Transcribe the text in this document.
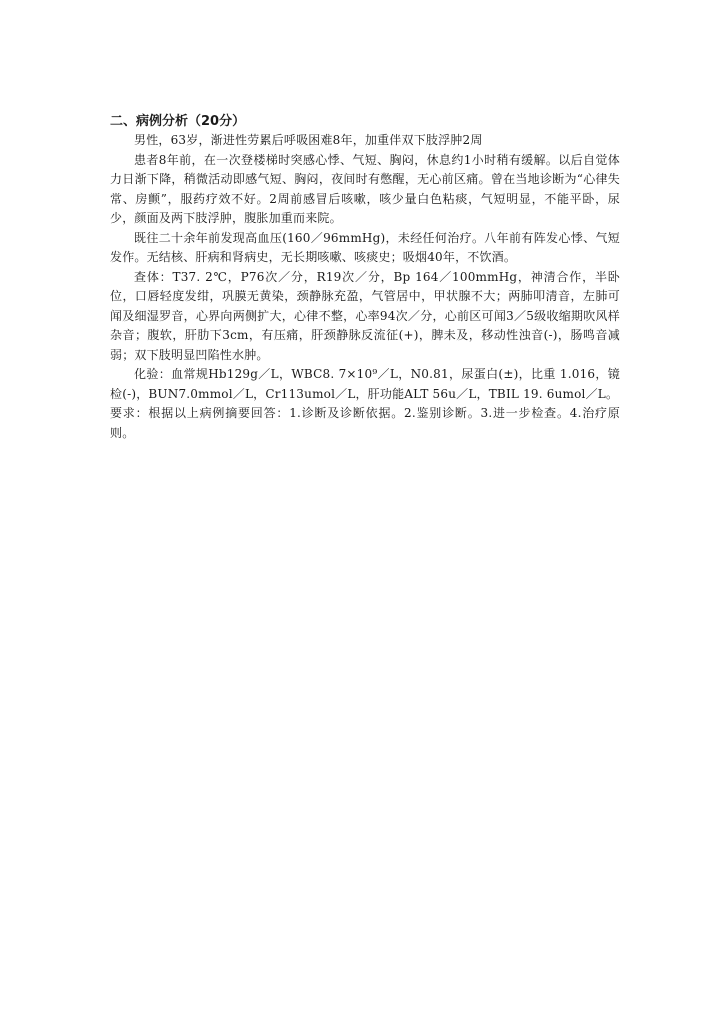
二、病例分析（20分）

男性，63岁，渐进性劳累后呼吸困难8年，加重伴双下肢浮肿2周

患者8年前，在一次登楼梯时突感心悸、气短、胸闷，休息约1小时稍有缓解。以后自觉体力日渐下降，稍微活动即感气短、胸闷，夜间时有憋醒，无心前区痛。曾在当地诊断为“心律失常、房颤”，服药疗效不好。2周前感冒后咳嗽，咳少量白色粘痰，气短明显，不能平卧，尿少，颜面及两下肢浮肿，腹胀加重而来院。

既往二十余年前发现高血压(160／96mmHg)，未经任何治疗。八年前有阵发心悸、气短发作。无结核、肝病和肾病史，无长期咳嗽、咳痰史；吸烟40年，不饮酒。

查体：T37. 2℃，P76次／分，R19次／分，Bp 164／100mmHg，神清合作，半卧位，口唇轻度发绀，巩膜无黄染，颈静脉充盈，气管居中，甲状腺不大；两肺叩清音，左肺可闻及细湿罗音，心界向两侧扩大，心律不整，心率94次／分，心前区可闻3／5级收缩期吹风样杂音；腹软，肝肋下3cm，有压痛，肝颈静脉反流征(+)，脾未及，移动性浊音(-)，肠鸣音减弱；双下肢明显凹陷性水肿。

化验：血常规Hb129g／L，WBC8. 7×10⁹／L，N0.81，尿蛋白(±)，比重 1.016，镜检(-)，BUN7.0mmol／L，Cr113umol／L，肝功能ALT 56u／L，TBIL 19. 6umol／L。

要求：根据以上病例摘要回答：1.诊断及诊断依据。2.鉴别诊断。3.进一步检查。4.治疗原则。
